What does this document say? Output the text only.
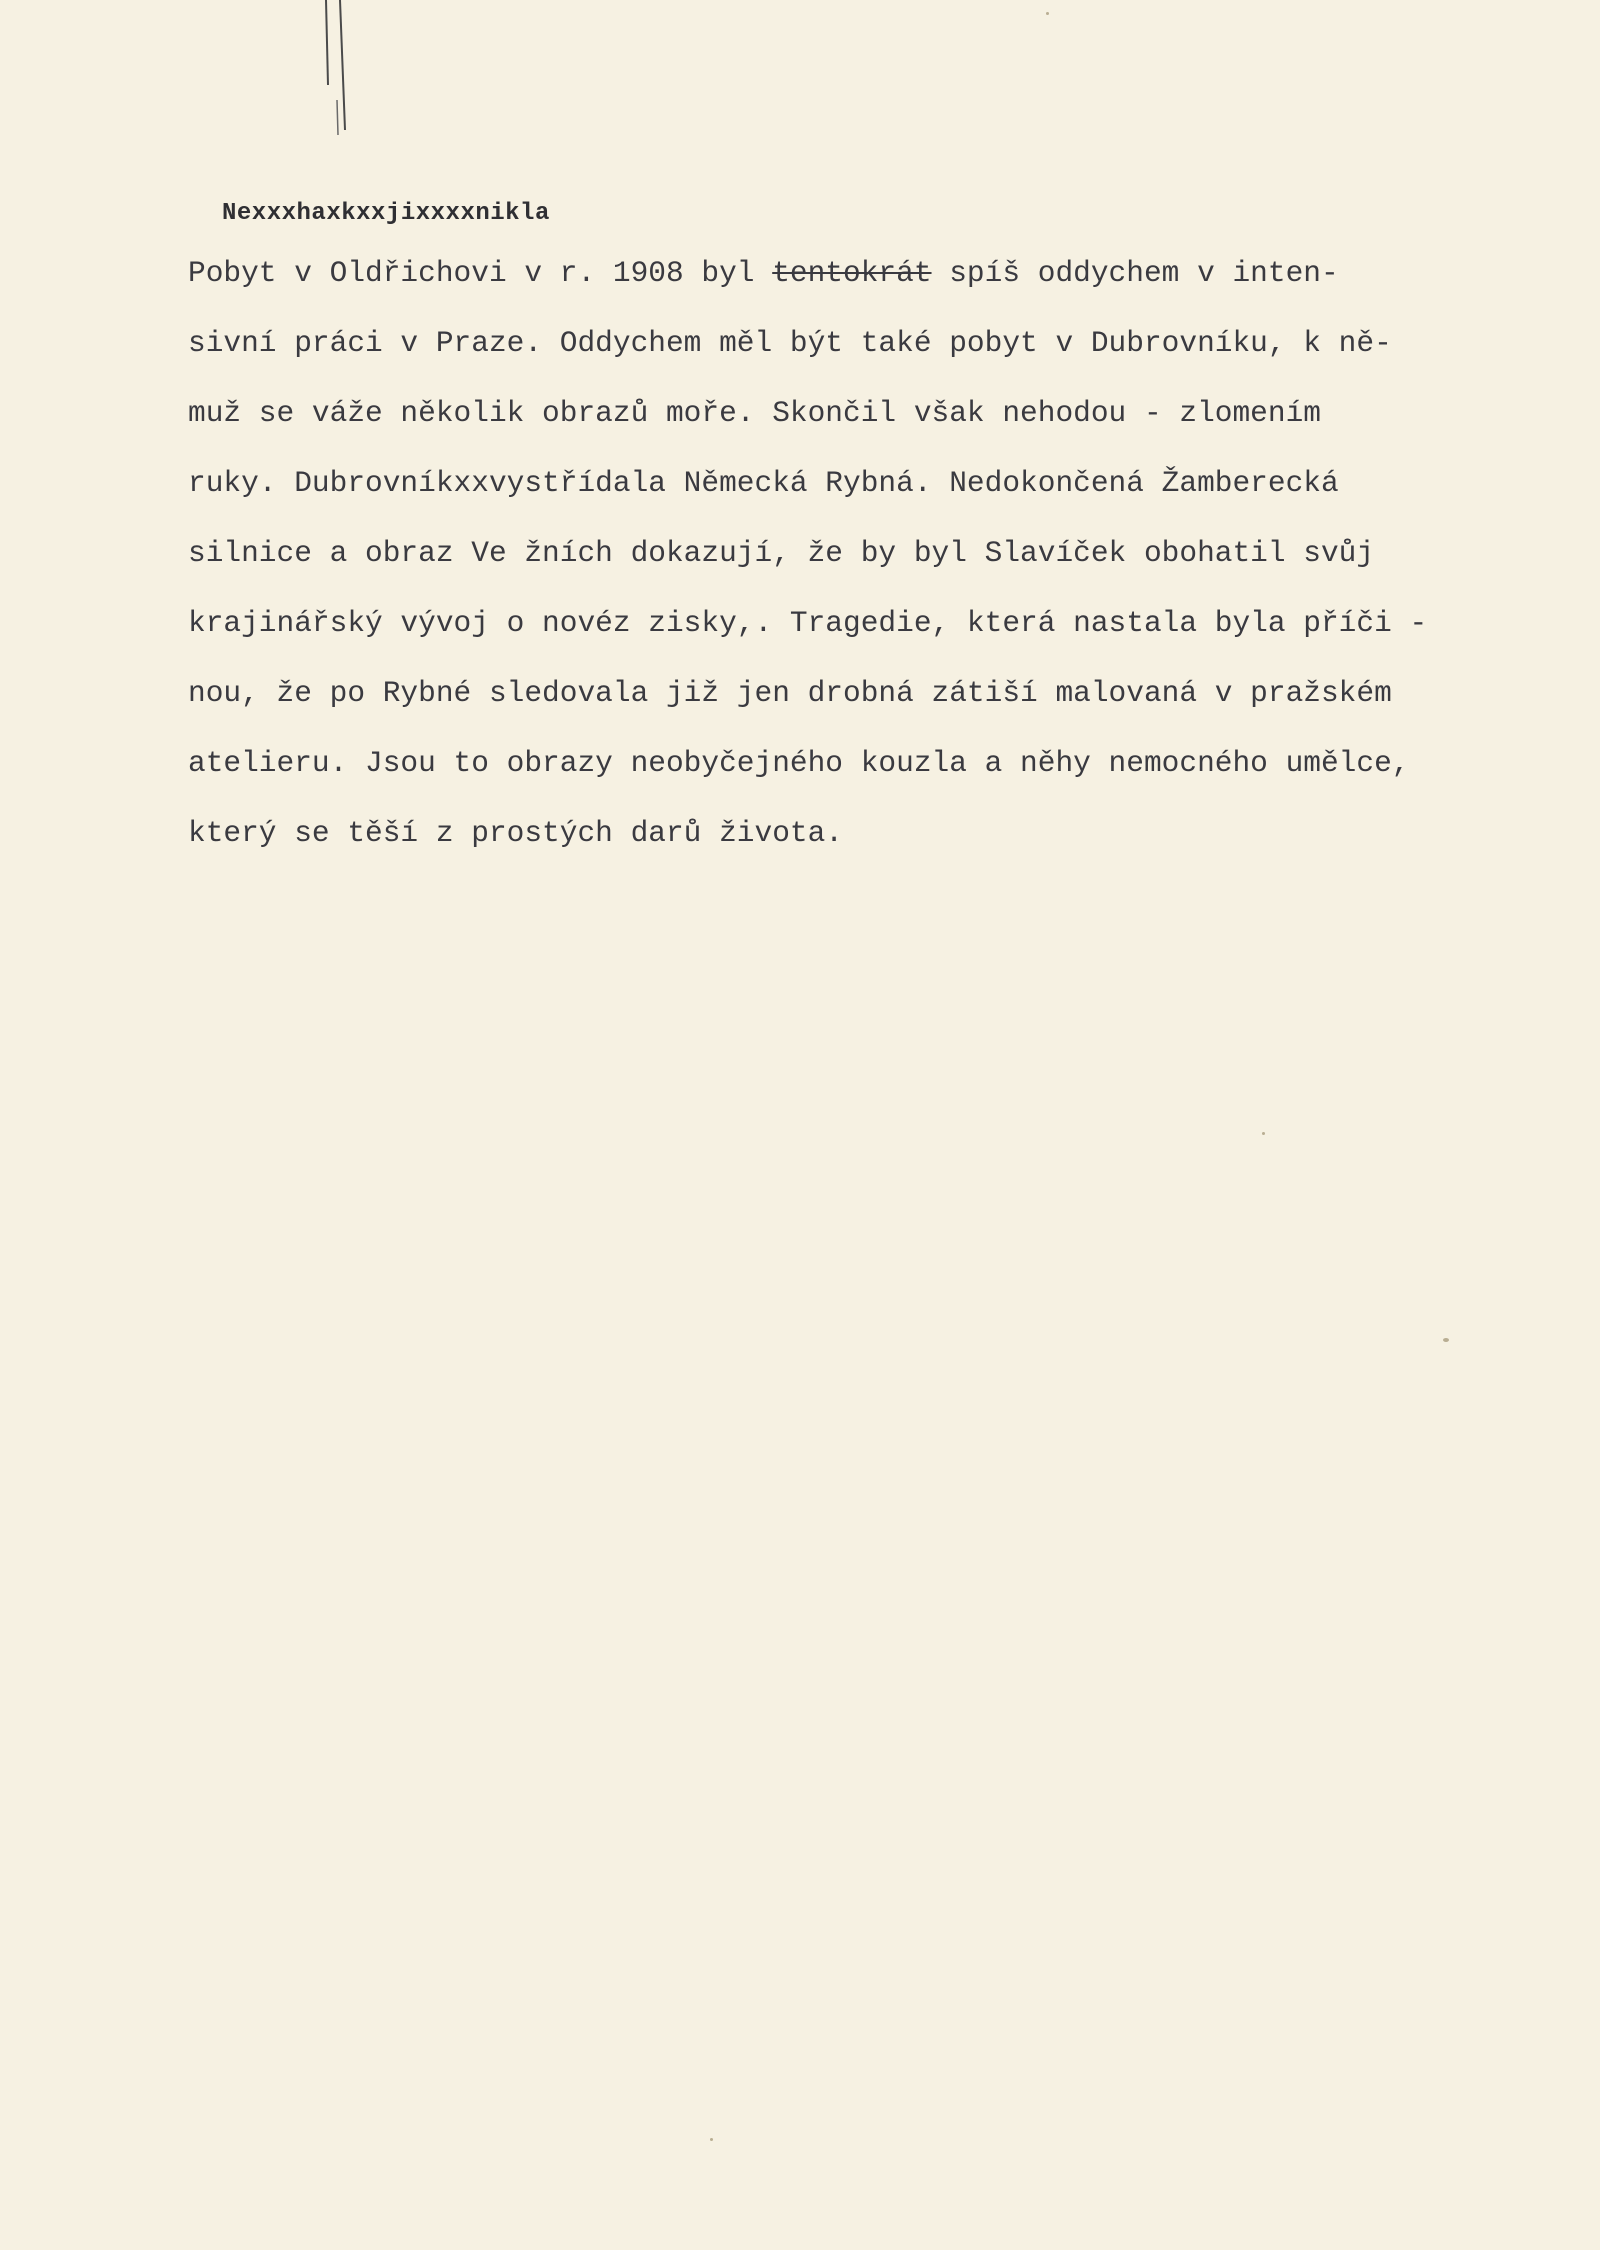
Nexxxhaxkxxjixxxxnikla
Pobyt v Oldřichovi v r. 1908 byl tentokrát spíš oddychem v inten-
sivní práci v Praze. Oddychem měl být také pobyt v Dubrovníku, k ně-
muž se váže několik obrazů moře. Skončil však nehodou - zlomením
ruky. Dubrovníkxxvystřídala Německá Rybná. Nedokončená Žamberecká
silnice a obraz Ve žních dokazují, že by byl Slavíček obohatil svůj
krajinářský vývoj o novéz zisky,. Tragedie, která nastala byla příči -
nou, že po Rybné sledovala již jen drobná zátiší malovaná v pražském
atelieru. Jsou to obrazy neobyčejného kouzla a něhy nemocného umělce,
který se těší z prostých darů života.
